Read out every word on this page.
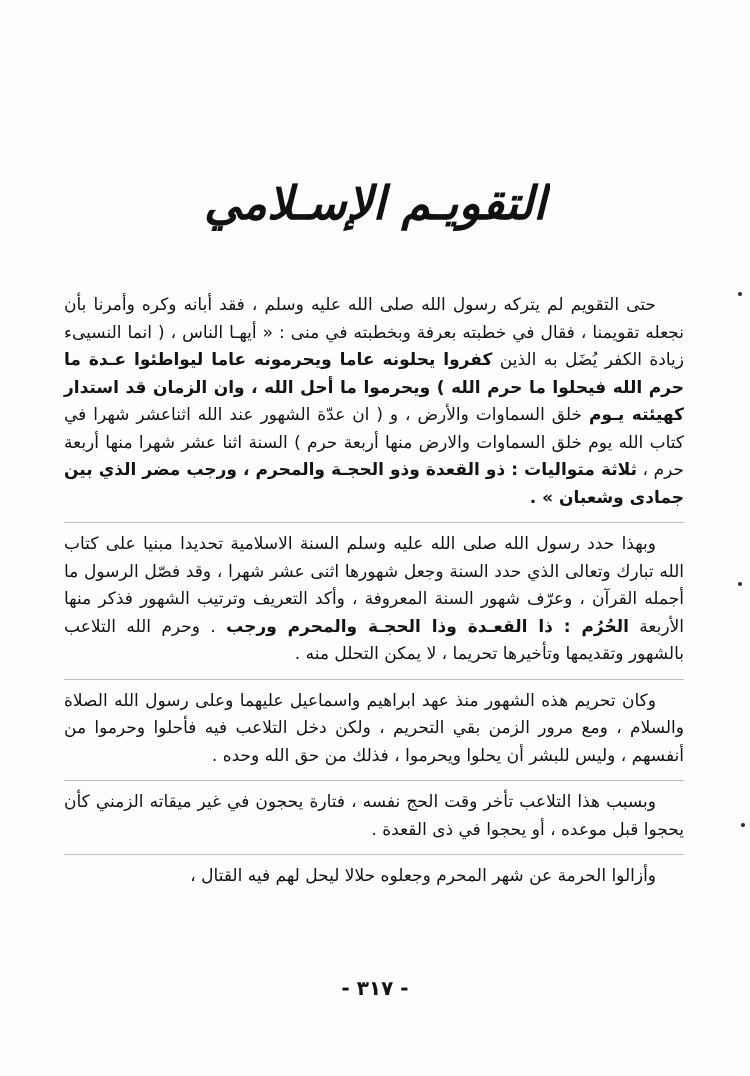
التقويـم الإسـلامي

حتى التقويم لم يتركه رسول الله صلى الله عليه وسلم ، فقد أبانه وكره وأمرنا بأن نجعله تقويمنا ، فقال في خطبته بعرفة وبخطبته في منى : « أيهـا الناس ، ( انما النسيىء زيادة الكفر يُضَل به الذين كفروا يحلونه عاما ويحرمونه عاما ليواطئوا عـدة ما حرم الله فيحلوا ما حرم الله ) ويحرموا ما أحل الله ، وان الزمان قد استدار كهيئته يـوم خلق السماوات والأرض ، و ( ان عدّة الشهور عند الله اثناعشر شهرا في كتاب الله يوم خلق السماوات والارض منها أربعة حرم ) السنة اثنا عشر شهرا منها أربعة حرم ، ثلاثة متواليات : ذو القعدة وذو الحجـة والمحرم ، ورجب مضر الذي بين جمادى وشعبان » .

وبهذا حدد رسول الله صلى الله عليه وسلم السنة الاسلامية تحديدا مبنيا على كتاب الله تبارك وتعالى الذي حدد السنة وجعل شهورها اثنى عشر شهرا ، وقد فصّل الرسول ما أجمله القرآن ، وعرّف شهور السنة المعروفة ، وأكد التعريف وترتيب الشهور فذكر منها الأربعة الحُرُم : ذا القعـدة وذا الحجـة والمحرم ورجب . وحرم الله التلاعب بالشهور وتقديمها وتأخيرها تحريما ، لا يمكن التحلل منه .

وكان تحريم هذه الشهور منذ عهد ابراهيم واسماعيل عليهما وعلى رسول الله الصلاة والسلام ، ومع مرور الزمن بقي التحريم ، ولكن دخل التلاعب فيه فأحلوا وحرموا من أنفسهم ، وليس للبشر أن يحلوا ويحرموا ، فذلك من حق الله وحده .

وبسبب هذا التلاعب تأخر وقت الحج نفسه ، فتارة يحجون في غير ميقاته الزمني كأن يحجوا قبل موعده ، أو يحجوا في ذى القعدة .

وأزالوا الحرمة عن شهر المحرم وجعلوه حلالا ليحل لهم فيه القتال ،

- ٣١٧ -
